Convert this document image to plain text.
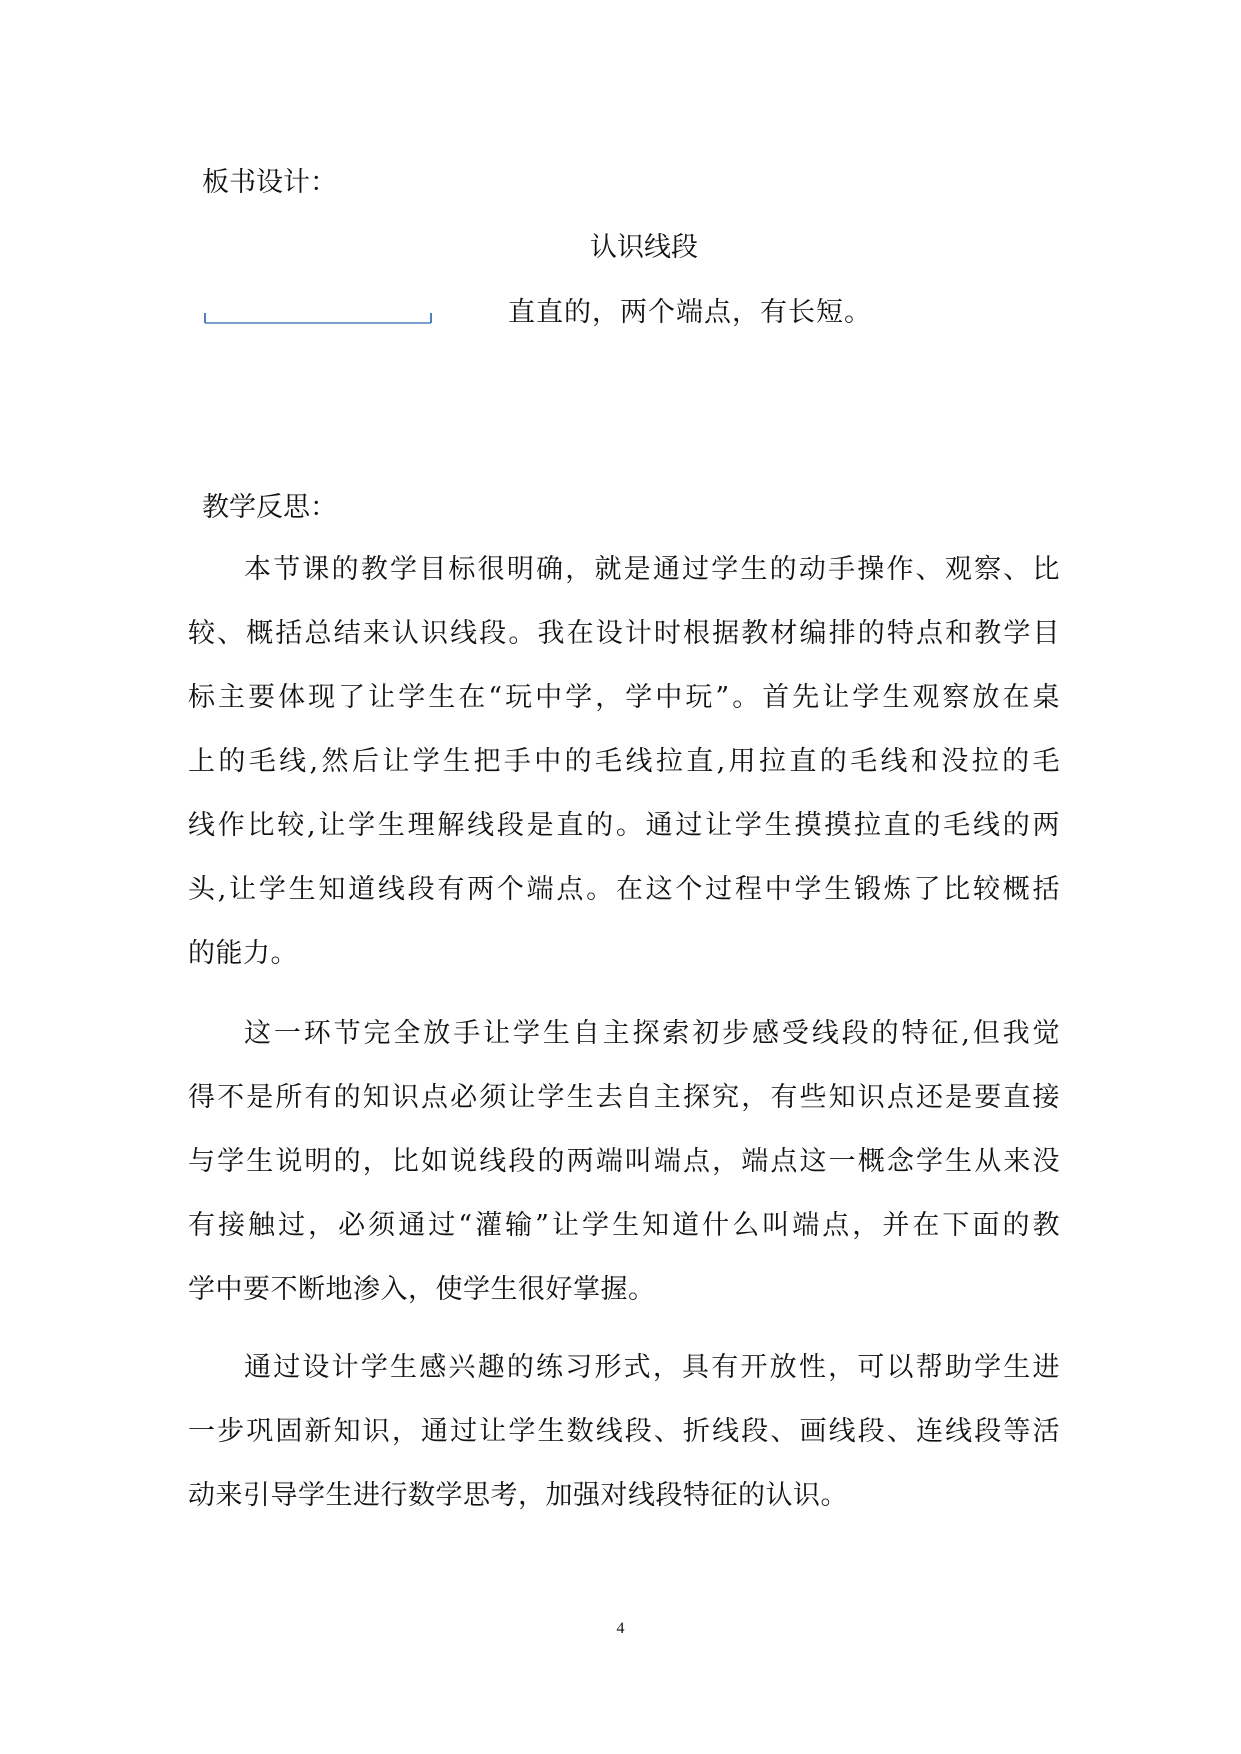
板书设计：
认识线段
直直的，两个端点，有长短。
教学反思：
本节课的教学目标很明确，就是通过学生的动手操作、观察、比
较、概括总结来认识线段。我在设计时根据教材编排的特点和教学目
标主要体现了让学生在“玩中学，学中玩”。首先让学生观察放在桌
上的毛线,然后让学生把手中的毛线拉直,用拉直的毛线和没拉的毛
线作比较,让学生理解线段是直的。通过让学生摸摸拉直的毛线的两
头,让学生知道线段有两个端点。在这个过程中学生锻炼了比较概括
的能力。
这一环节完全放手让学生自主探索初步感受线段的特征,但我觉
得不是所有的知识点必须让学生去自主探究，有些知识点还是要直接
与学生说明的，比如说线段的两端叫端点，端点这一概念学生从来没
有接触过，必须通过“灌输”让学生知道什么叫端点，并在下面的教
学中要不断地渗入，使学生很好掌握。
通过设计学生感兴趣的练习形式，具有开放性，可以帮助学生进
一步巩固新知识，通过让学生数线段、折线段、画线段、连线段等活
动来引导学生进行数学思考，加强对线段特征的认识。
4
